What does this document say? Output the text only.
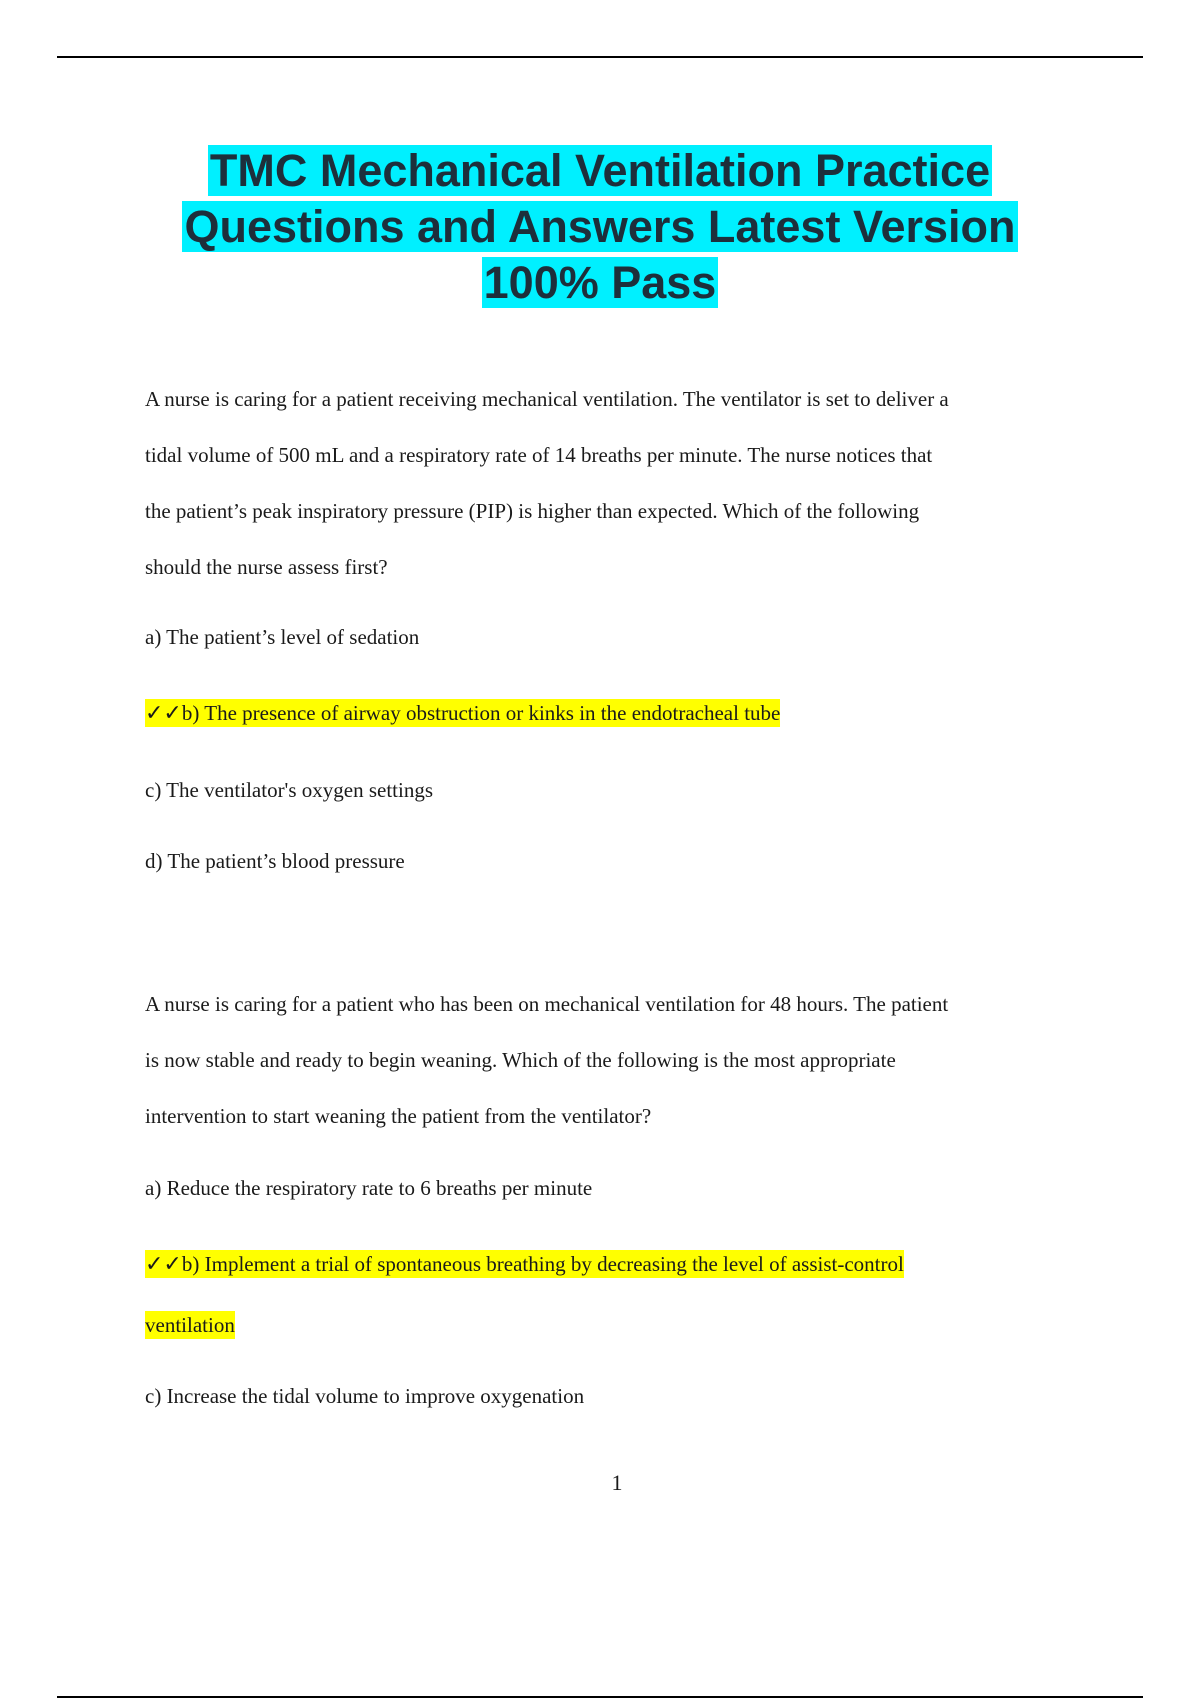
TMC Mechanical Ventilation Practice
Questions and Answers Latest Version
100% Pass
A nurse is caring for a patient receiving mechanical ventilation. The ventilator is set to deliver a
tidal volume of 500 mL and a respiratory rate of 14 breaths per minute. The nurse notices that
the patient’s peak inspiratory pressure (PIP) is higher than expected. Which of the following
should the nurse assess first?
a) The patient’s level of sedation
✓✓b) The presence of airway obstruction or kinks in the endotracheal tube
c) The ventilator's oxygen settings
d) The patient’s blood pressure
A nurse is caring for a patient who has been on mechanical ventilation for 48 hours. The patient
is now stable and ready to begin weaning. Which of the following is the most appropriate
intervention to start weaning the patient from the ventilator?
a) Reduce the respiratory rate to 6 breaths per minute
✓✓b) Implement a trial of spontaneous breathing by decreasing the level of assist-control
ventilation
c) Increase the tidal volume to improve oxygenation
1
